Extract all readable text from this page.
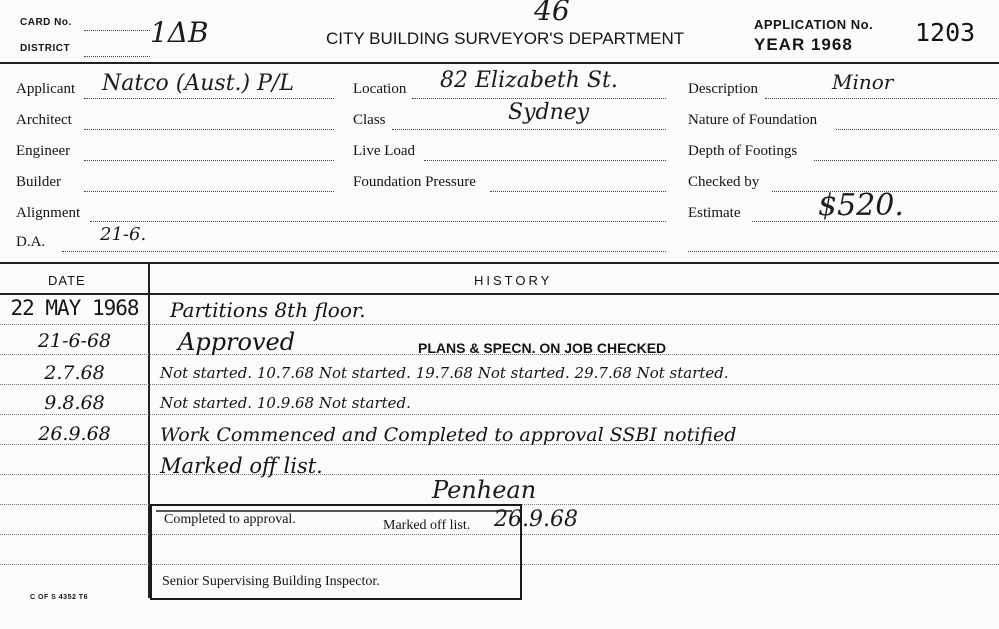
CARD No.	1ΔB
DISTRICT
46
CITY BUILDING SURVEYOR'S DEPARTMENT
APPLICATION No. 1203
YEAR 1968
Applicant Natco (Aust.) P/L
Architect
Engineer
Builder
Alignment
D.A.	21-6.
Location 82 Elizabeth St.
Class	Sydney
Live Load
Foundation Pressure
Description	Minor
Nature of Foundation
Depth of Footings
Checked by
Estimate	$520.
DATE	HISTORY
22 MAY 1968	Partitions 8th floor.
21-6-68	Approved	PLANS & SPECN. ON JOB CHECKED
2.7.68	Not started. 10.7.68 Not started. 19.7.68 Not started. 29.7.68 Not started.
9.8.68	Not started. 10.9.68 Not started.
26.9.68	Work Commenced and Completed to approval SSBI notified
Marked off list.
Penhean
Completed to approval.	Marked off list. 26.9.68
Senior Supervising Building Inspector.
C OF S 4352 T6
